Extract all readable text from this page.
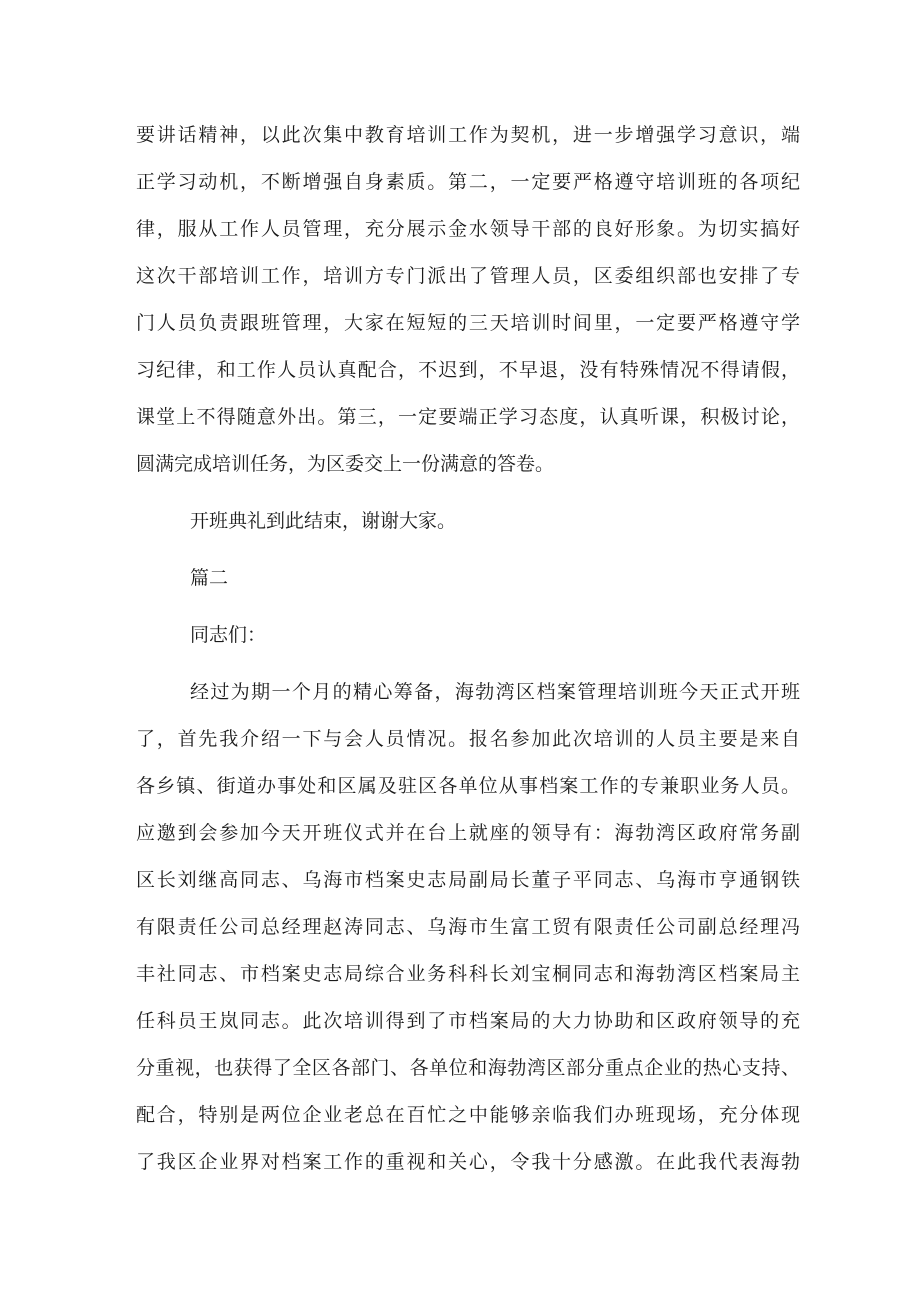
要讲话精神，以此次集中教育培训工作为契机，进一步增强学习意识，端
正学习动机，不断增强自身素质。第二，一定要严格遵守培训班的各项纪
律，服从工作人员管理，充分展示金水领导干部的良好形象。为切实搞好
这次干部培训工作，培训方专门派出了管理人员，区委组织部也安排了专
门人员负责跟班管理，大家在短短的三天培训时间里，一定要严格遵守学
习纪律，和工作人员认真配合，不迟到，不早退，没有特殊情况不得请假，
课堂上不得随意外出。第三，一定要端正学习态度，认真听课，积极讨论，
圆满完成培训任务，为区委交上一份满意的答卷。
开班典礼到此结束，谢谢大家。
篇二
同志们：
经过为期一个月的精心筹备，海勃湾区档案管理培训班今天正式开班
了，首先我介绍一下与会人员情况。报名参加此次培训的人员主要是来自
各乡镇、街道办事处和区属及驻区各单位从事档案工作的专兼职业务人员。
应邀到会参加今天开班仪式并在台上就座的领导有：海勃湾区政府常务副
区长刘继高同志、乌海市档案史志局副局长董子平同志、乌海市亨通钢铁
有限责任公司总经理赵涛同志、乌海市生富工贸有限责任公司副总经理冯
丰社同志、市档案史志局综合业务科科长刘宝桐同志和海勃湾区档案局主
任科员王岚同志。此次培训得到了市档案局的大力协助和区政府领导的充
分重视，也获得了全区各部门、各单位和海勃湾区部分重点企业的热心支持、
配合，特别是两位企业老总在百忙之中能够亲临我们办班现场，充分体现
了我区企业界对档案工作的重视和关心，令我十分感激。在此我代表海勃
